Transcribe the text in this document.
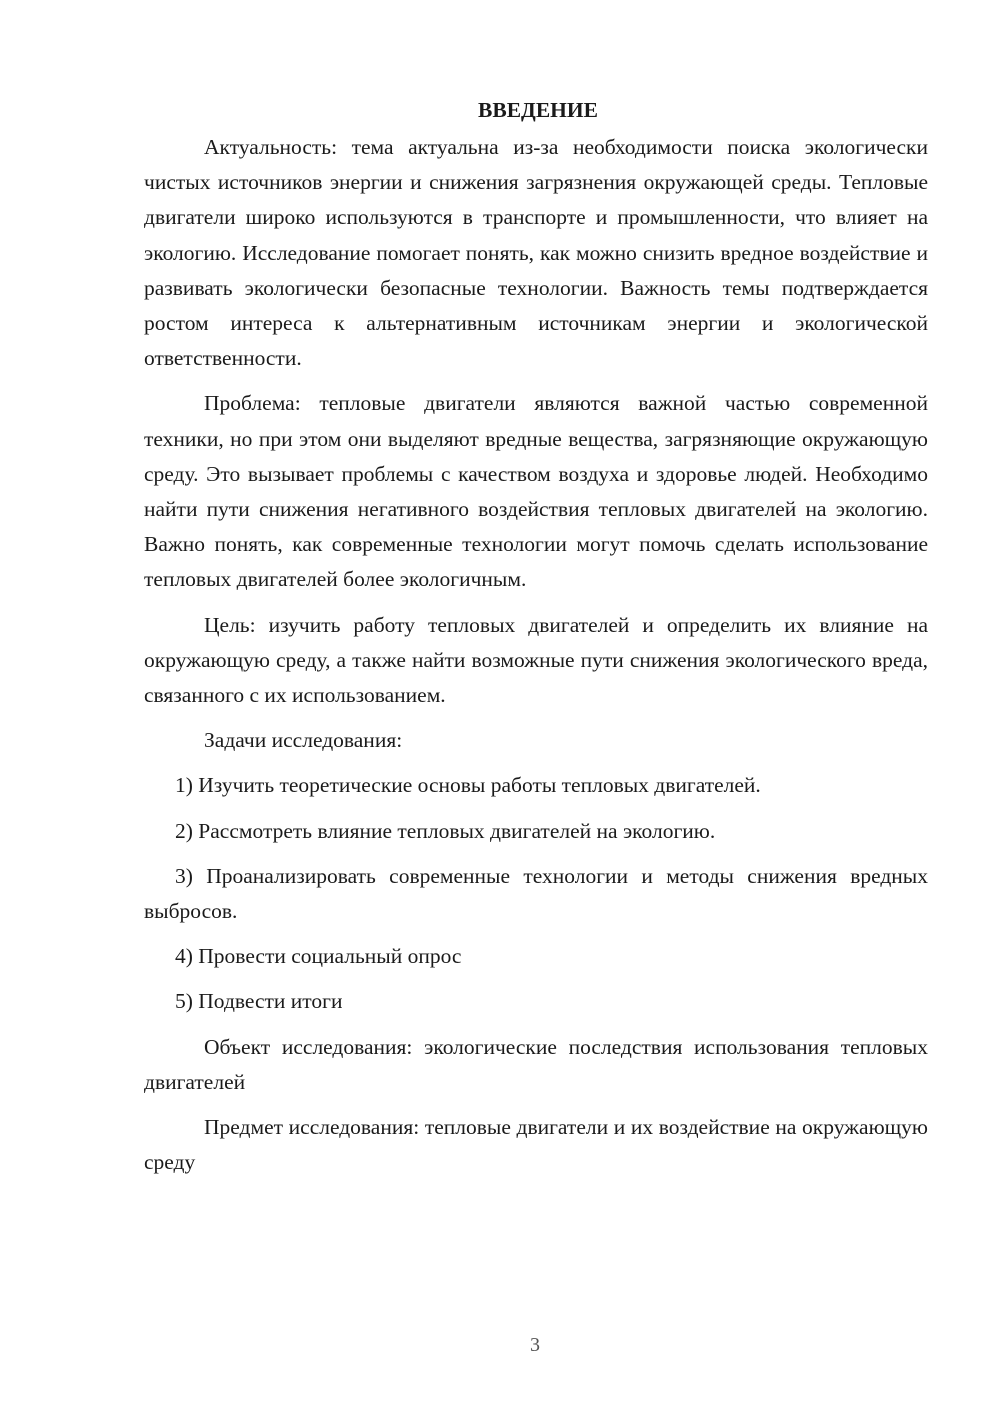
ВВЕДЕНИЕ

Актуальность: тема актуальна из-за необходимости поиска экологически чистых источников энергии и снижения загрязнения окружающей среды. Тепловые двигатели широко используются в транспорте и промышленности, что влияет на экологию. Исследование помогает понять, как можно снизить вредное воздействие и развивать экологически безопасные технологии. Важность темы подтверждается ростом интереса к альтернативным источникам энергии и экологической ответственности.

Проблема: тепловые двигатели являются важной частью современной техники, но при этом они выделяют вредные вещества, загрязняющие окружающую среду. Это вызывает проблемы с качеством воздуха и здоровье людей. Необходимо найти пути снижения негативного воздействия тепловых двигателей на экологию. Важно понять, как современные технологии могут помочь сделать использование тепловых двигателей более экологичным.

Цель: изучить работу тепловых двигателей и определить их влияние на окружающую среду, а также найти возможные пути снижения экологического вреда, связанного с их использованием.

Задачи исследования:

1) Изучить теоретические основы работы тепловых двигателей.

2) Рассмотреть влияние тепловых двигателей на экологию.

3) Проанализировать современные технологии и методы снижения вредных выбросов.

4) Провести социальный опрос

5) Подвести итоги

Объект исследования: экологические последствия использования тепловых двигателей

Предмет исследования: тепловые двигатели и их воздействие на окружающую среду

3
